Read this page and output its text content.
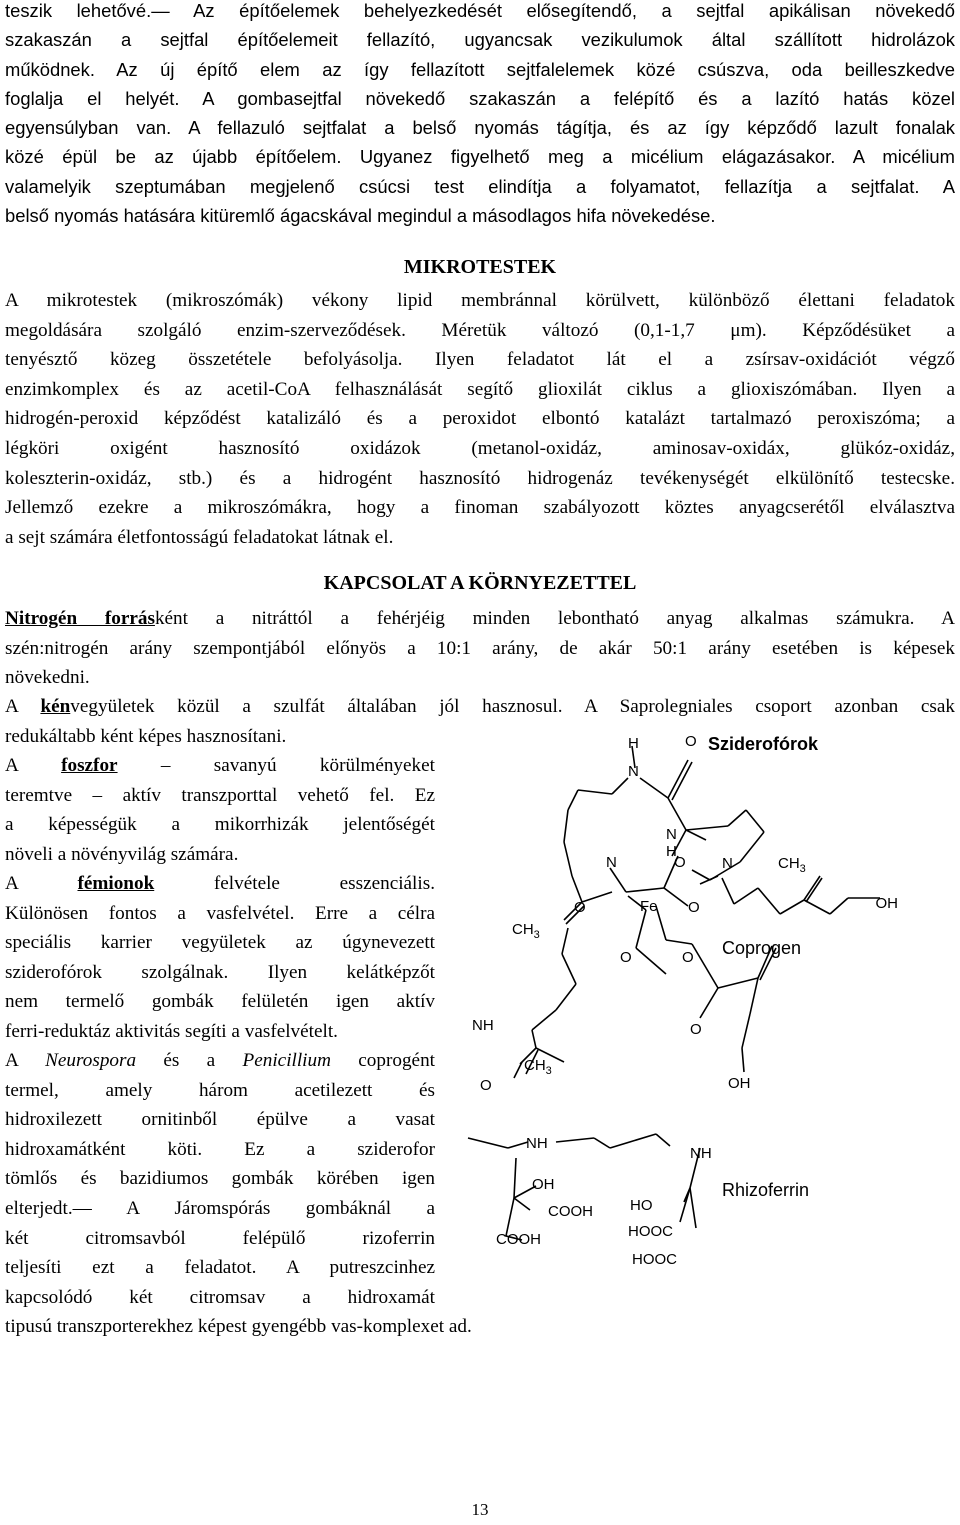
teszik lehetővé.— Az építőelemek behelyezkedését elősegítendő, a sejtfal apikálisan növekedő
szakaszán a sejtfal építőelemeit fellazító, ugyancsak vezikulumok által szállított hidrolázok
működnek. Az új építő elem az így fellazított sejtfalelemek közé csúszva, oda beilleszkedve
foglalja el helyét. A gombasejtfal növekedő szakaszán a felépítő és a lazító hatás közel
egyensúlyban van. A fellazuló sejtfalat a belső nyomás tágítja, és az így képződő lazult fonalak
közé épül be az újabb építőelem. Ugyanez figyelhető meg a micélium elágazásakor. A micélium
valamelyik szeptumában megjelenő csúcsi test elindítja a folyamatot, fellazítja a sejtfalat. A
belső nyomás hatására kitüremlő ágacskával megindul a másodlagos hifa növekedése.
MIKROTESTEK
A mikrotestek (mikroszómák) vékony lipid membránnal körülvett, különböző élettani feladatok
megoldására szolgáló enzim-szerveződések. Méretük változó (0,1-1,7 μm). Képződésüket a
tenyésztő közeg összetétele befolyásolja. Ilyen feladatot lát el a zsírsav-oxidációt végző
enzimkomplex és az acetil-CoA felhasználását segítő glioxilát ciklus a glioxiszómában. Ilyen a
hidrogén-peroxid képződést katalizáló és a peroxidot elbontó katalázt tartalmazó peroxiszóma; a
légköri oxigént hasznosító oxidázok (metanol-oxidáz, aminosav-oxidáx, glükóz-oxidáz,
koleszterin-oxidáz, stb.) és a hidrogént hasznosító hidrogenáz tevékenységét elkülönítő testecske.
Jellemző ezekre a mikroszómákra, hogy a finoman szabályozott köztes anyagcserétől elválasztva
a sejt számára életfontosságú feladatokat látnak el.
KAPCSOLAT A KÖRNYEZETTEL
Nitrogén forrásként a nitráttól a fehérjéig minden lebontható anyag alkalmas számukra. A
szén:nitrogén arány szempontjából előnyös a 10:1 arány, de akár 50:1 arány esetében is képesek
növekedni.
A kénvegyületek közül a szulfát általában jól hasznosul. A Saprolegniales csoport azonban csak
redukáltabb ként képes hasznosítani.
A foszfor – savanyú körülményeket
teremtve – aktív transzporttal vehető fel. Ez
a képességük a mikorrhizák jelentőségét
növeli a növényvilág számára.
A fémionok felvétele esszenciális.
Különösen fontos a vasfelvétel. Erre a célra
speciális karrier vegyületek az úgynevezett
sziderofórok szolgálnak. Ilyen kelátképzőt
nem termelő gombák felületén igen aktív
ferri-reduktáz aktivitás segíti a vasfelvételt.
A Neurospora és a Penicillium coprogént
termel, amely három acetilezett és
hidroxilezett ornitinből épülve a vasat
hidroxamátként köti. Ez a sziderofor
tömlős és bazidiumos gombák körében igen
elterjedt.— A Járomspórás gombáknál a
két citromsavból felépülő rizoferrin
teljesíti ezt a feladatot. A putreszcinhez
kapcsolódó két citromsav a hidroxamát
tipusú transzporterekhez képest gyengébb vas-komplexet ad.
H	O
N
N
H
N	O N	$CH_3$
O	Fe O	OH
$CH_3$
O	O
NH	O
$CH_3$
OH
O
NH
NH
OH
COOH HO
HOOC
COOH
HOOC
Sziderofórok
Coprogen
Rhizoferrin
13
